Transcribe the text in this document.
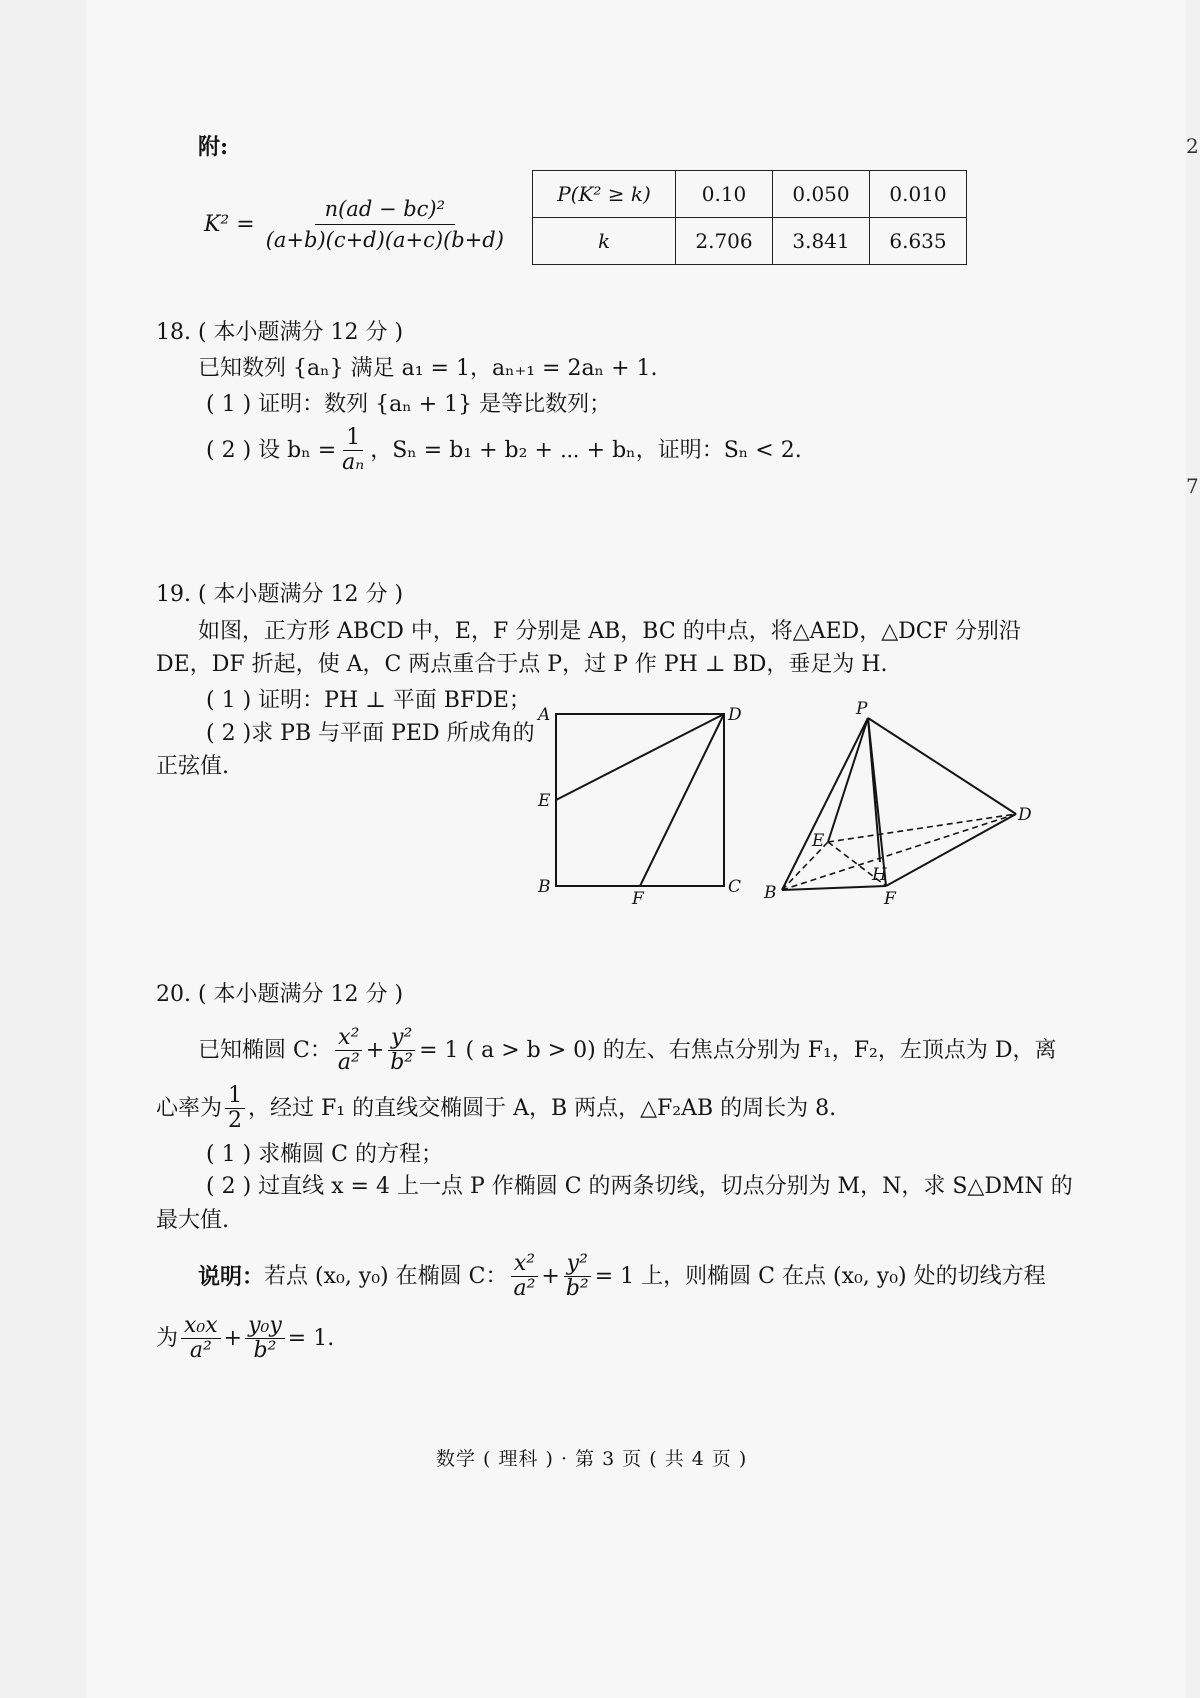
2
7
附:
$K^2 = \frac{\text{n(ad − bc)²}}{(a+b)(c+d)(a+c)(b+d)}$	P(K² ≥ k)	0.10	0.050	0.010
k	2.706	3.841	6.635
18. ( 本小题满分 12 分 )
已知数列 {aₙ} 满足 a₁ = 1，aₙ₊₁ = 2aₙ + 1.
( 1 ) 证明：数列 {aₙ + 1} 是等比数列；
( 2 ) 设 $b_n = \frac{1}{\text{aₙ}}$ ，Sₙ = b₁ + b₂ + ⋯ + bₙ，证明：Sₙ < 2.
19. ( 本小题满分 12 分 )
如图，正方形 ABCD 中，E，F 分别是 AB，BC 的中点，将△AED，△DCF 分别沿
DE，DF 折起，使 A，C 两点重合于点 P，过 P 作 PH ⊥ BD，垂足为 H.
( 1 ) 证明：PH ⊥ 平面 BFDE；
( 2 )求 PB 与平面 PED 所成角的
正弦值.
A	D
E
B
F
C
P
D
E
H
B	F
20. ( 本小题满分 12 分 )
已知椭圆 C： $\frac{\text{x²}}{\text{a²}} + \frac{\text{y²}}{\text{b²}} = 1$ ( a > b > 0) 的左、右焦点分别为 F₁，F₂，左顶点为 D，离
心率为 $\frac{1}{2}$ ，经过 F₁ 的直线交椭圆于 A，B 两点，△F₂AB 的周长为 8.
( 1 ) 求椭圆 C 的方程；
( 2 ) 过直线 x = 4 上一点 P 作椭圆 C 的两条切线，切点分别为 M，N，求 S△DMN 的
最大值.
说明： 若点 (x₀, y₀) 在椭圆 C： $\frac{\text{x²}}{\text{a²}} + \frac{\text{y²}}{\text{b²}} = 1$ 上，则椭圆 C 在点 (x₀, y₀) 处的切线方程
为 $\frac{\text{x₀x}}{\text{a²}} + \frac{\text{y₀y}}{\text{b²}} = 1$.
数学 ( 理科 ) · 第 3 页 ( 共 4 页 )
